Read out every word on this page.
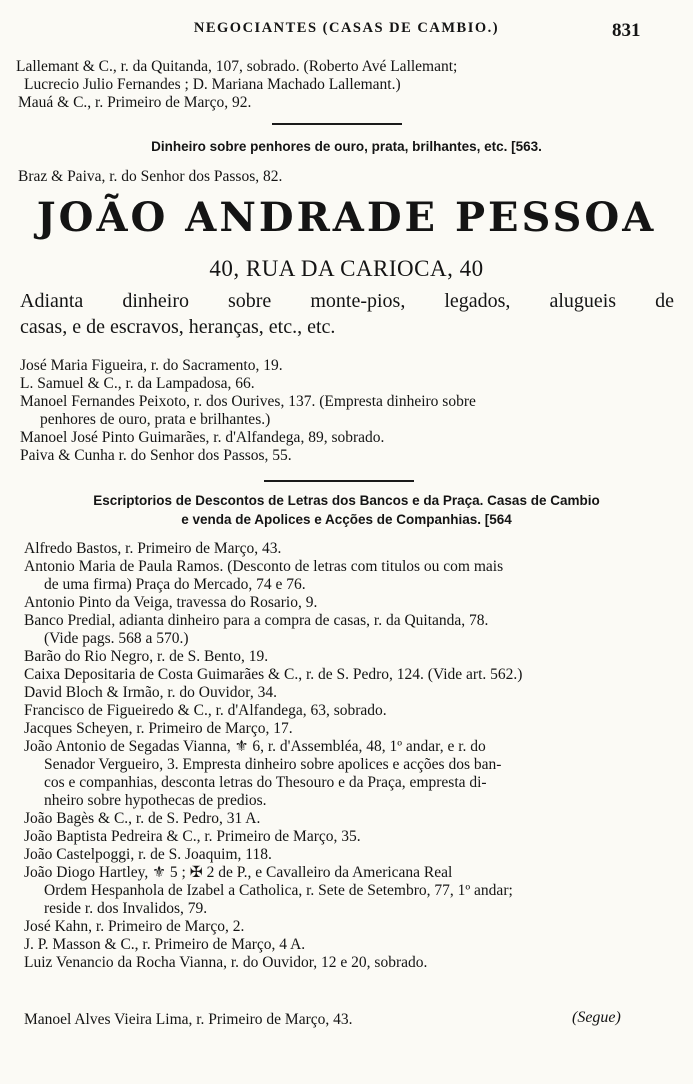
NEGOCIANTES (CASAS DE CAMBIO.)	831
Lallemant & C., r. da Quitanda, 107, sobrado. (Roberto Avé Lallemant;
Lucrecio Julio Fernandes ; D. Mariana Machado Lallemant.)
Mauá & C., r. Primeiro de Março, 92.
Dinheiro sobre penhores de ouro, prata, brilhantes, etc. [563.
Braz & Paiva, r. do Senhor dos Passos, 82.
JOÃO ANDRADE PESSOA
40, RUA DA CARIOCA, 40
Adianta dinheiro sobre monte-pios, legados, alugueis de
casas, e de escravos, heranças, etc., etc.
José Maria Figueira, r. do Sacramento, 19.
L. Samuel & C., r. da Lampadosa, 66.
Manoel Fernandes Peixoto, r. dos Ourives, 137. (Empresta dinheiro sobre
penhores de ouro, prata e brilhantes.)
Manoel José Pinto Guimarães, r. d'Alfandega, 89, sobrado.
Paiva & Cunha r. do Senhor dos Passos, 55.
Escriptorios de Descontos de Letras dos Bancos e da Praça. Casas de Cambio
e venda de Apolices e Acções de Companhias. [564
Alfredo Bastos, r. Primeiro de Março, 43.
Antonio Maria de Paula Ramos. (Desconto de letras com titulos ou com mais
de uma firma) Praça do Mercado, 74 e 76.
Antonio Pinto da Veiga, travessa do Rosario, 9.
Banco Predial, adianta dinheiro para a compra de casas, r. da Quitanda, 78.
(Vide pags. 568 a 570.)
Barão do Rio Negro, r. de S. Bento, 19.
Caixa Depositaria de Costa Guimarães & C., r. de S. Pedro, 124. (Vide art. 562.)
David Bloch & Irmão, r. do Ouvidor, 34.
Francisco de Figueiredo & C., r. d'Alfandega, 63, sobrado.
Jacques Scheyen, r. Primeiro de Março, 17.
João Antonio de Segadas Vianna, ⚜ 6, r. d'Assembléa, 48, 1º andar, e r. do
Senador Vergueiro, 3. Empresta dinheiro sobre apolices e acções dos ban-
cos e companhias, desconta letras do Thesouro e da Praça, empresta di-
nheiro sobre hypothecas de predios.
João Bagès & C., r. de S. Pedro, 31 A.
João Baptista Pedreira & C., r. Primeiro de Março, 35.
João Castelpoggi, r. de S. Joaquim, 118.
João Diogo Hartley, ⚜ 5 ; ✠ 2 de P., e Cavalleiro da Americana Real
Ordem Hespanhola de Izabel a Catholica, r. Sete de Setembro, 77, 1º andar;
reside r. dos Invalidos, 79.
José Kahn, r. Primeiro de Março, 2.
J. P. Masson & C., r. Primeiro de Março, 4 A.
Luiz Venancio da Rocha Vianna, r. do Ouvidor, 12 e 20, sobrado.
Manoel Alves Vieira Lima, r. Primeiro de Março, 43.	(Segue)
